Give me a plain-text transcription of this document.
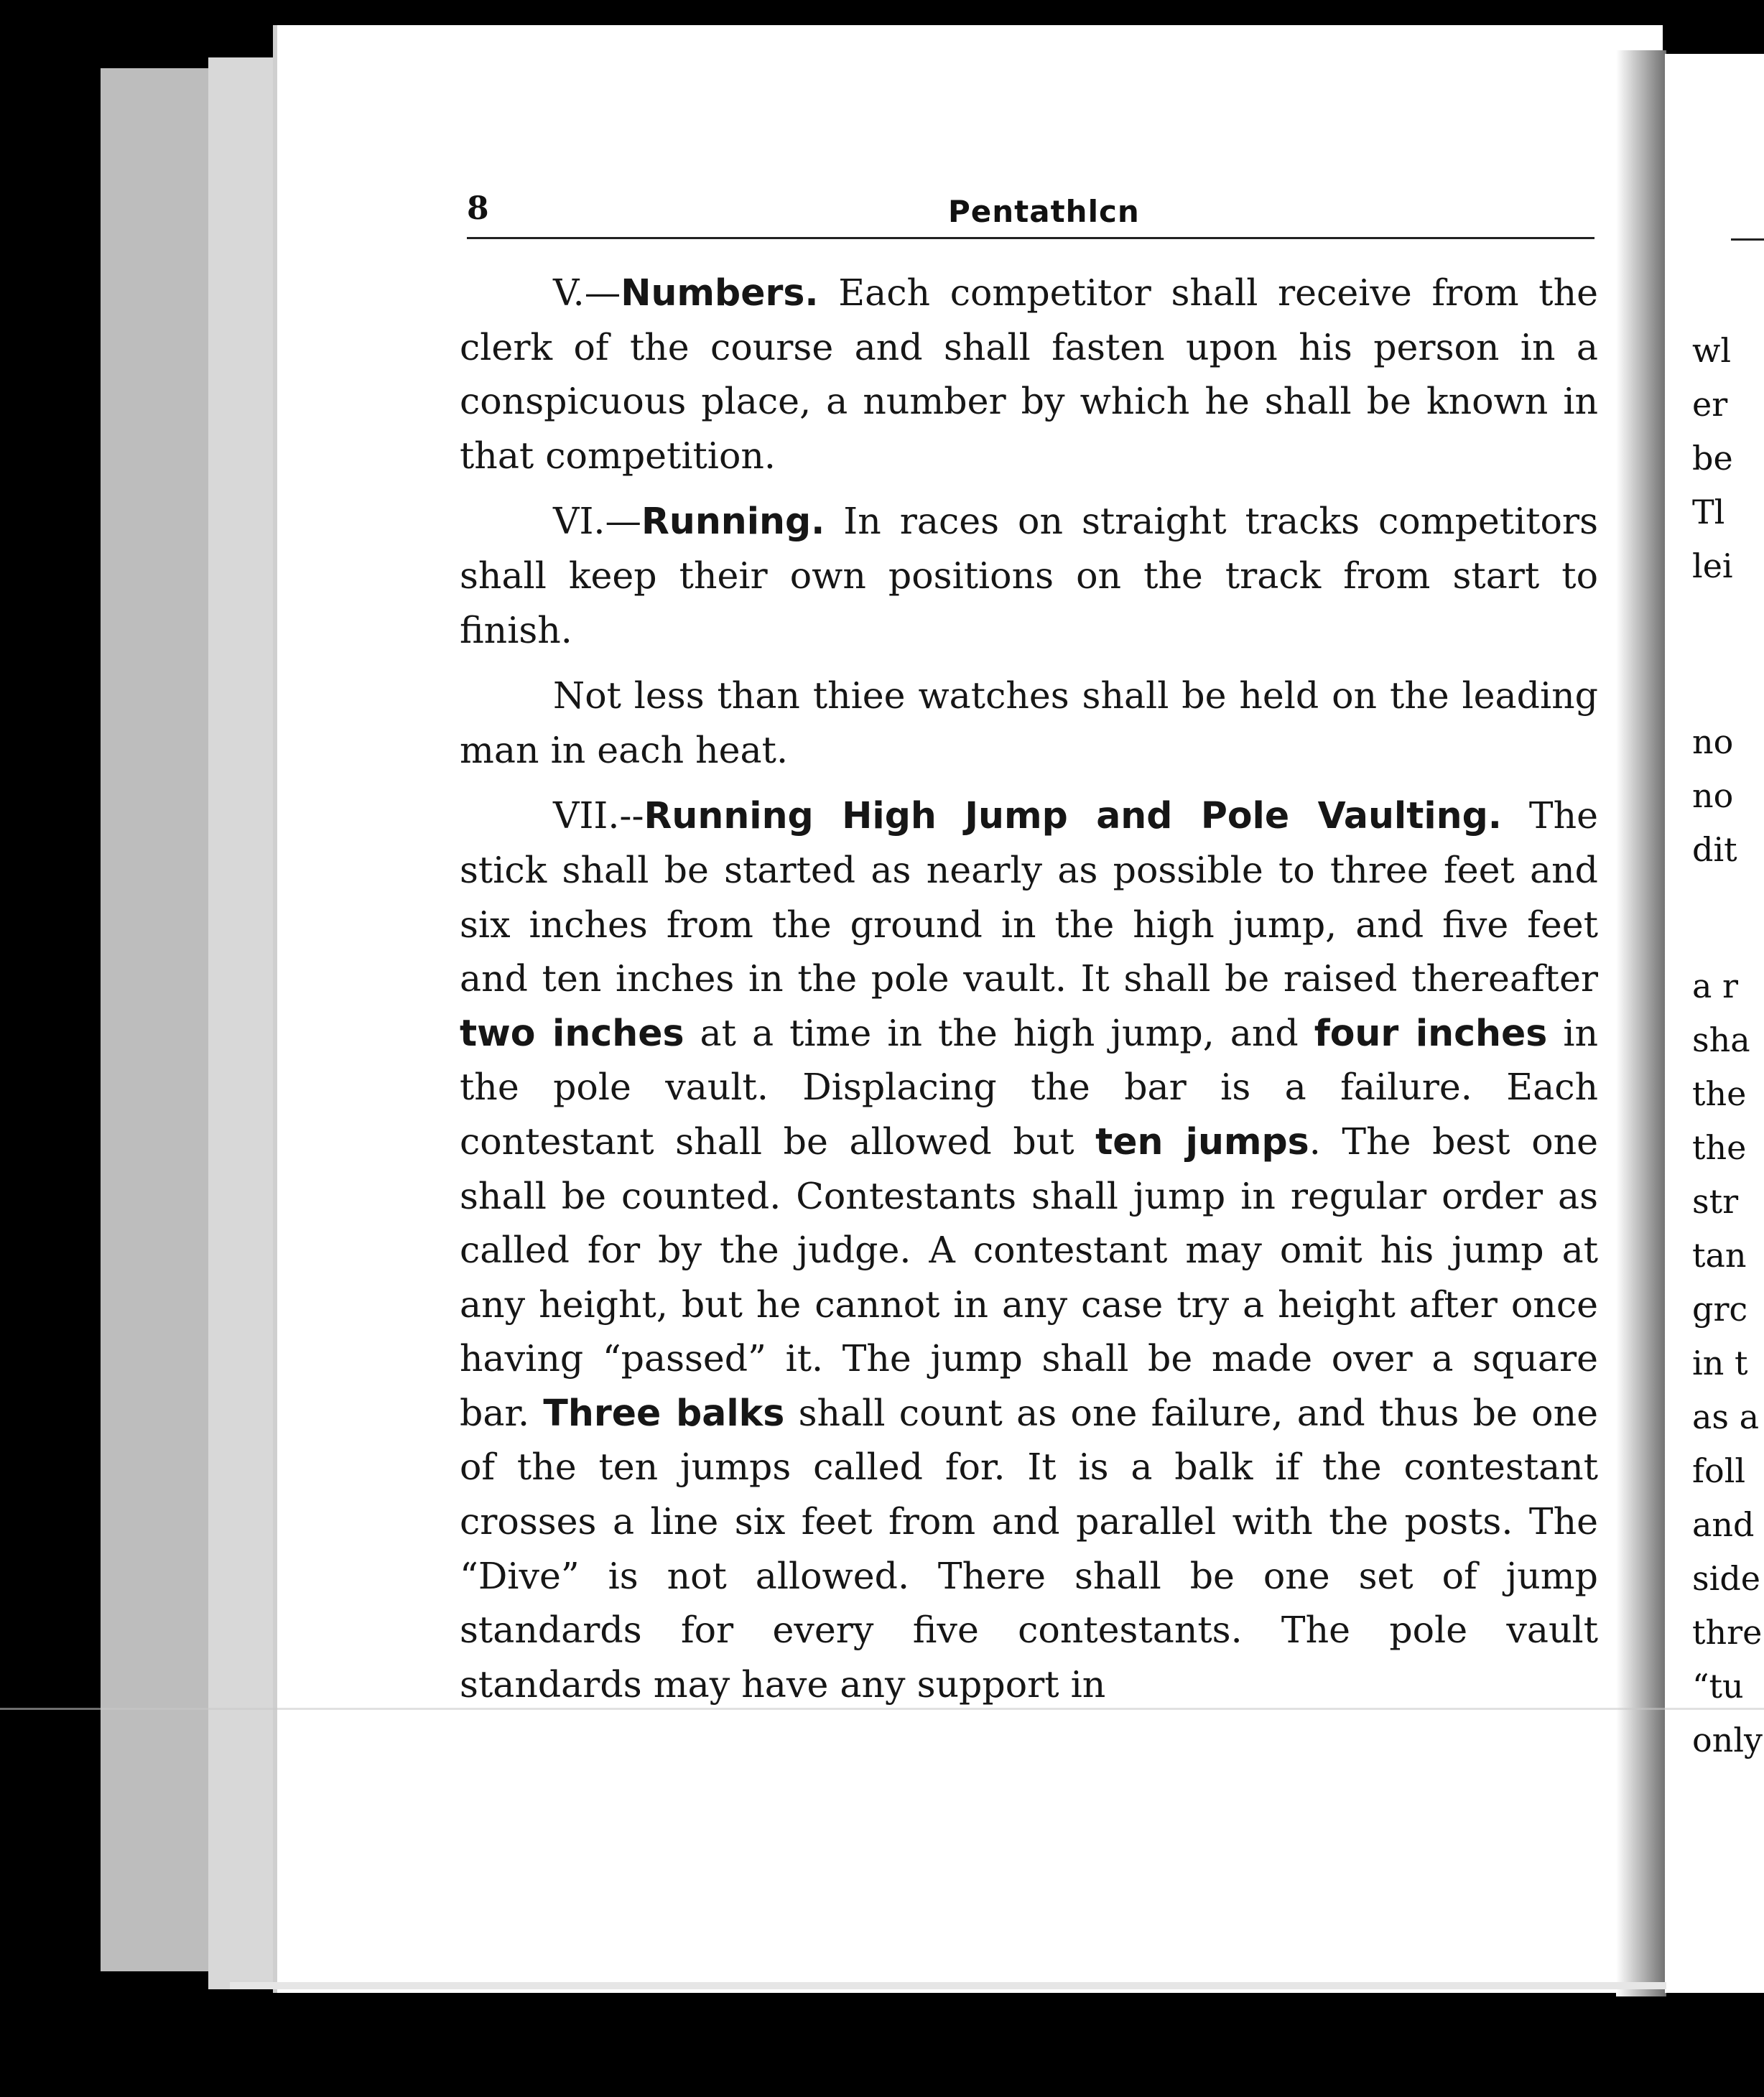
wl
er
be
Tl
lei
no
no
dit
a r
sha
the
the
str
tan
grc
in t
as a
foll
and
side
thre
“tu
only
8	Pentathlcn

V.—Numbers. Each competitor shall receive from the clerk of the course and shall fasten upon his person in a conspicuous place, a number by which he shall be known in that competition.

VI.—Running. In races on straight tracks competitors shall keep their own positions on the track from start to finish.

Not less than thiee watches shall be held on the leading man in each heat.

VII.--Running High Jump and Pole Vaulting. The stick shall be started as nearly as possible to three feet and six inches from the ground in the high jump, and five feet and ten inches in the pole vault. It shall be raised thereafter two inches at a time in the high jump, and four inches in the pole vault. Displacing the bar is a failure. Each contestant shall be allowed but ten jumps. The best one shall be counted. Contestants shall jump in regular order as called for by the judge. A contestant may omit his jump at any height, but he cannot in any case try a height after once having “passed” it. The jump shall be made over a square bar. Three balks shall count as one failure, and thus be one of the ten jumps called for. It is a balk if the contestant crosses a line six feet from and parallel with the posts. The “Dive” is not allowed. There shall be one set of jump standards for every five contestants. The pole vault standards may have any support in
